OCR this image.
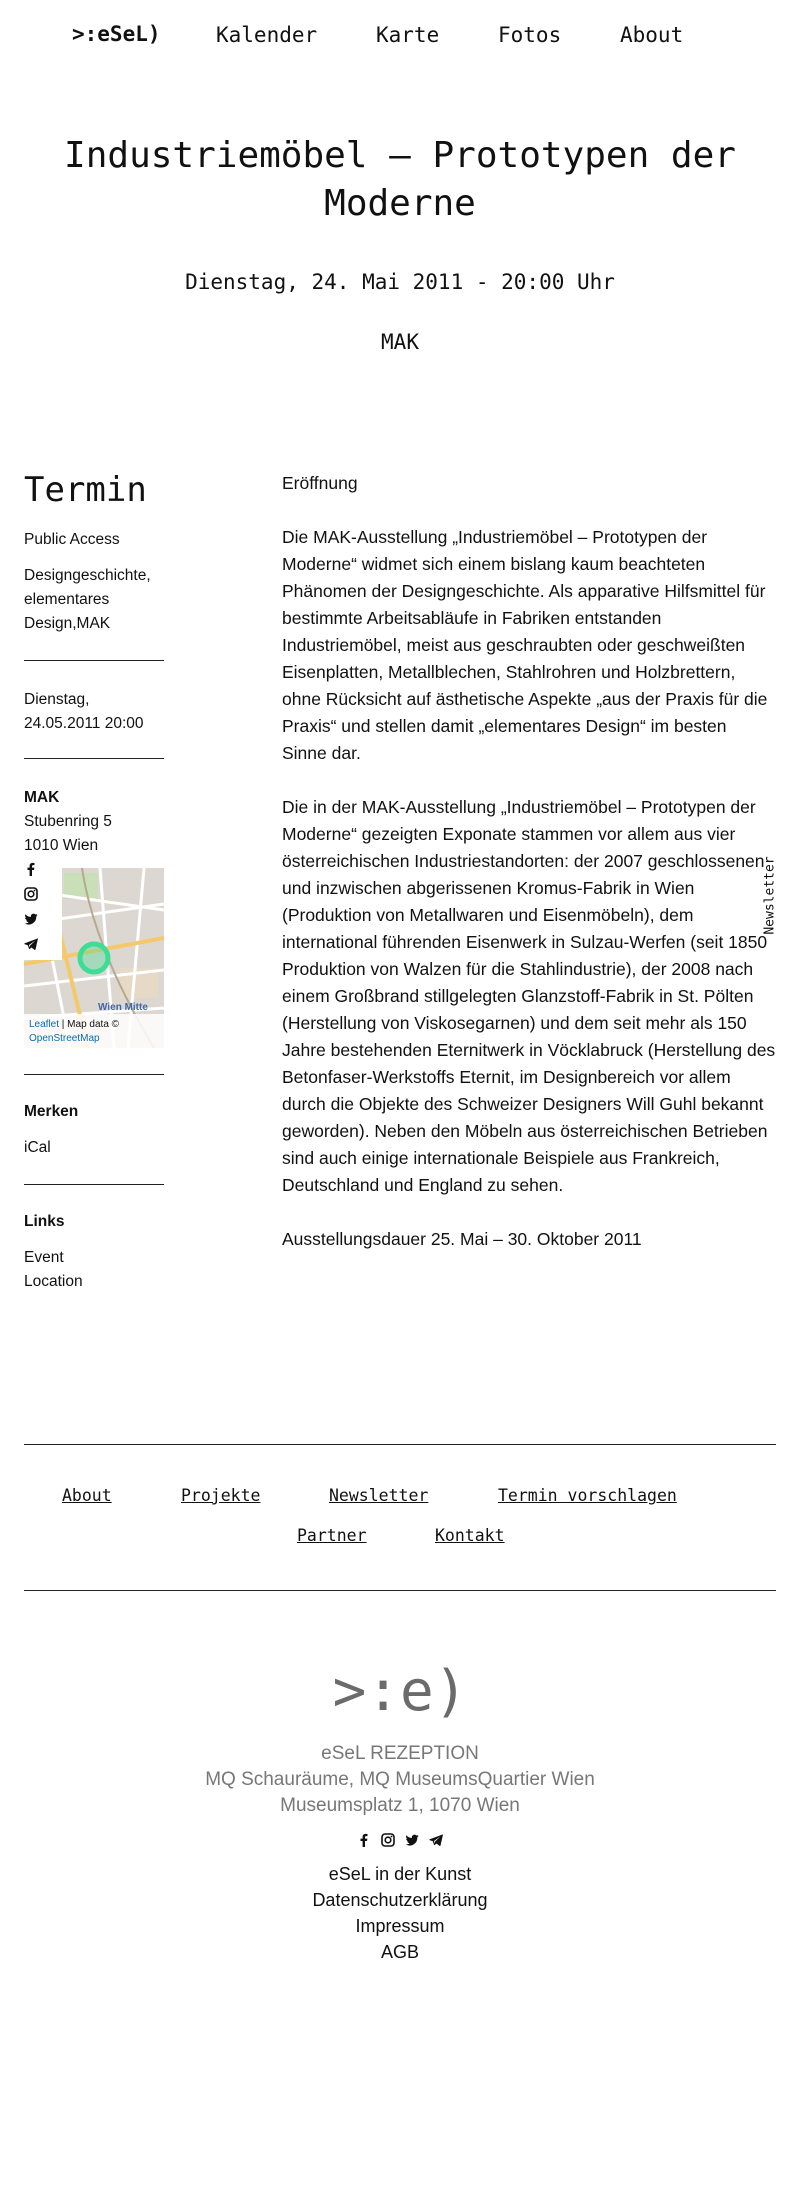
>:eSeL)	Kalender	Karte	Fotos	About
Industriemöbel – Prototypen der Moderne
Dienstag, 24. Mai 2011 - 20:00 Uhr
MAK
Termin
Public Access
Designgeschichte, elementares Design,MAK
Dienstag, 24.05.2011 20:00
MAK
Stubenring 5
1010 Wien
Wien Mitte
Leaflet | Map data ©
OpenStreetMap
Merken
iCal
Links
Event
Location

Eröffnung

Die MAK-Ausstellung „Industriemöbel – Prototypen der Moderne“ widmet sich einem bislang kaum beachteten Phänomen der Designgeschichte. Als apparative Hilfsmittel für bestimmte Arbeitsabläufe in Fabriken entstanden Industriemöbel, meist aus geschraubten oder geschweißten Eisenplatten, Metallblechen, Stahlrohren und Holzbrettern, ohne Rücksicht auf ästhetische Aspekte „aus der Praxis für die Praxis“ und stellen damit „elementares Design“ im besten Sinne dar.

Die in der MAK-Ausstellung „Industriemöbel – Prototypen der Moderne“ gezeigten Exponate stammen vor allem aus vier österreichischen Industriestandorten: der 2007 geschlossenen und inzwischen abgerissenen Kromus-Fabrik in Wien (Produktion von Metallwaren und Eisenmöbeln), dem international führenden Eisenwerk in Sulzau-Werfen (seit 1850 Produktion von Walzen für die Stahlindustrie), der 2008 nach einem Großbrand stillgelegten Glanzstoff-Fabrik in St. Pölten (Herstellung von Viskosegarnen) und dem seit mehr als 150 Jahre bestehenden Eternitwerk in Vöcklabruck (Herstellung des Betonfaser-Werkstoffs Eternit, im Designbereich vor allem durch die Objekte des Schweizer Designers Will Guhl bekannt geworden). Neben den Möbeln aus österreichischen Betrieben sind auch einige internationale Beispiele aus Frankreich, Deutschland und England zu sehen.

Ausstellungsdauer 25. Mai – 30. Oktober 2011

Newsletter
About	Projekte	Newsletter	Termin vorschlagen
Partner	Kontakt
>:e)
eSeL REZEPTION
MQ Schauräume, MQ MuseumsQuartier Wien
Museumsplatz 1, 1070 Wien

eSeL in der Kunst
Datenschutzerklärung
Impressum
AGB
